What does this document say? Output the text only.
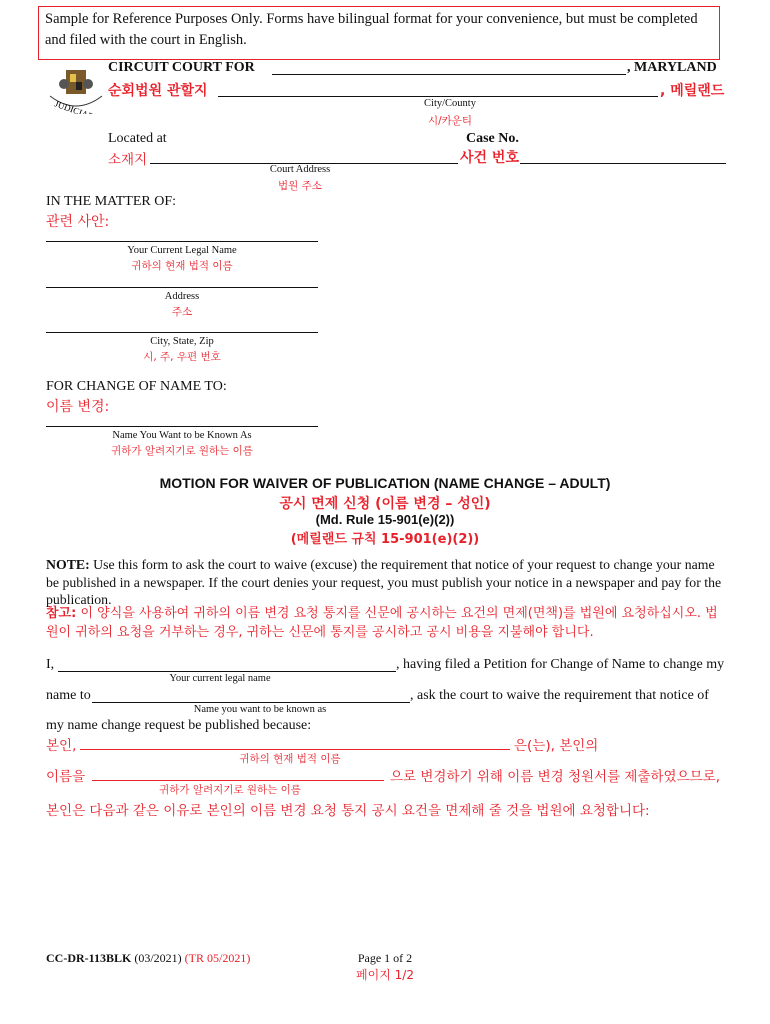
Sample for Reference Purposes Only. Forms have bilingual format for your convenience, but must be completed and filed with the court in English.
JUDICIARY
CIRCUIT COURT FOR	, MARYLAND
순회법원 관할지	, 메릴랜드
City/County
시/카운티
Located at
소재지
Case No.
사건 번호
Court Address
법원 주소
IN THE MATTER OF:
관련 사안:
Your Current Legal Name
귀하의 현재 법적 이름
Address
주소
City, State, Zip
시, 주, 우편 번호
FOR CHANGE OF NAME TO:
이름 변경:
Name You Want to be Known As
귀하가 알려지기로 원하는 이름
MOTION FOR WAIVER OF PUBLICATION (NAME CHANGE – ADULT)
공시 면제 신청 (이름 변경 – 성인)
(Md. Rule 15-901(e)(2))
(메릴랜드 규칙 15-901(e)(2))
NOTE: Use this form to ask the court to waive (excuse) the requirement that notice of your request to change your name be published in a newspaper. If the court denies your request, you must publish your notice in a newspaper and pay for the publication.
참고: 이 양식을 사용하여 귀하의 이름 변경 요청 통지를 신문에 공시하는 요건의 면제(면책)를 법원에 요청하십시오. 법원이 귀하의 요청을 거부하는 경우, 귀하는 신문에 통지를 공시하고 공시 비용을 지불해야 합니다.
I,	, having filed a Petition for Change of Name to change my
Your current legal name
name to	, ask the court to waive the requirement that notice of
Name you want to be known as
my name change request be published because:
본인,	은(는), 본인의
귀하의 현재 법적 이름
이름을	으로 변경하기 위해 이름 변경 청원서를 제출하였으므로,
귀하가 알려지기로 원하는 이름
본인은 다음과 같은 이유로 본인의 이름 변경 요청 통지 공시 요건을 면제해 줄 것을 법원에 요청합니다:
CC-DR-113BLK (03/2021) (TR 05/2021)	Page 1 of 2
페이지 1/2
